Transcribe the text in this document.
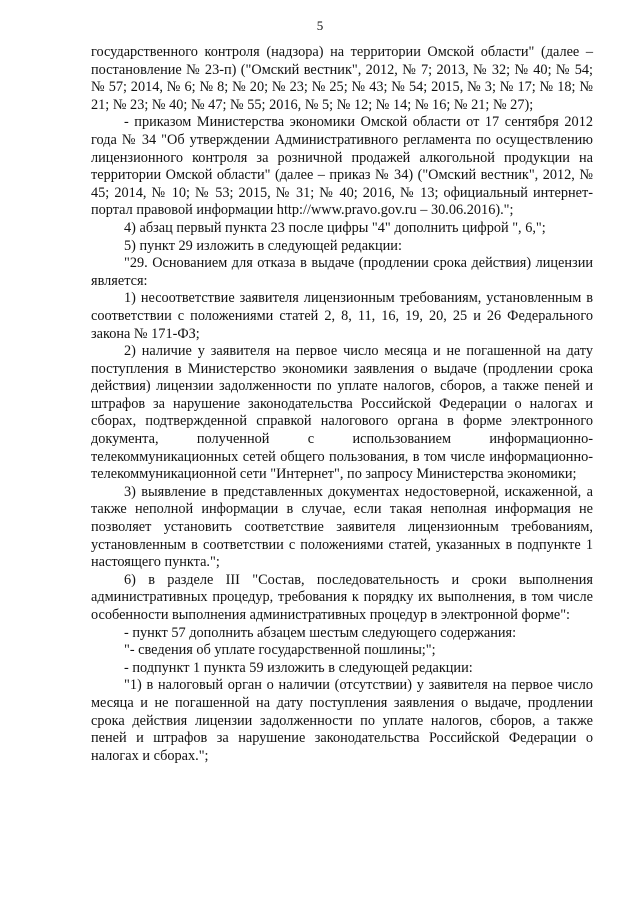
5

государственного контроля (надзора) на территории Омской области" (далее – постановление № 23-п) ("Омский вестник", 2012, № 7; 2013, № 32; № 40; № 54; № 57; 2014, № 6; № 8; № 20; № 23; № 25; № 43; № 54; 2015, № 3; № 17; № 18; № 21; № 23; № 40; № 47; № 55; 2016, № 5; № 12; № 14; № 16; № 21; № 27);

- приказом Министерства экономики Омской области от 17 сентября 2012 года № 34 "Об утверждении Административного регламента по осуществлению лицензионного контроля за розничной продажей алкогольной продукции на территории Омской области" (далее – приказ № 34) ("Омский вестник", 2012, № 45; 2014, № 10; № 53; 2015, № 31; № 40; 2016, № 13; официальный интернет-портал правовой информации http://www.pravo.gov.ru – 30.06.2016).";

4) абзац первый пункта 23 после цифры "4" дополнить цифрой ", 6,";

5) пункт 29 изложить в следующей редакции:

"29. Основанием для отказа в выдаче (продлении срока действия) лицензии является:

1) несоответствие заявителя лицензионным требованиям, установленным в соответствии с положениями статей 2, 8, 11, 16, 19, 20, 25 и 26 Федерального закона № 171-ФЗ;

2) наличие у заявителя на первое число месяца и не погашенной на дату поступления в Министерство экономики заявления о выдаче (продлении срока действия) лицензии задолженности по уплате налогов, сборов, а также пеней и штрафов за нарушение законодательства Российской Федерации о налогах и сборах, подтвержденной справкой налогового органа в форме электронного документа, полученной с использованием информационно-телекоммуникационных сетей общего пользования, в том числе информационно-телекоммуникационной сети "Интернет", по запросу Министерства экономики;

3) выявление в представленных документах недостоверной, искаженной, а также неполной информации в случае, если такая неполная информация не позволяет установить соответствие заявителя лицензионным требованиям, установленным в соответствии с положениями статей, указанных в подпункте 1 настоящего пункта.";

6) в разделе III "Состав, последовательность и сроки выполнения административных процедур, требования к порядку их выполнения, в том числе особенности выполнения административных процедур в электронной форме":

- пункт 57 дополнить абзацем шестым следующего содержания:

"- сведения об уплате государственной пошлины;";

- подпункт 1 пункта 59 изложить в следующей редакции:

"1) в налоговый орган о наличии (отсутствии) у заявителя на первое число месяца и не погашенной на дату поступления заявления о выдаче, продлении срока действия лицензии задолженности по уплате налогов, сборов, а также пеней и штрафов за нарушение законодательства Российской Федерации о налогах и сборах.";
